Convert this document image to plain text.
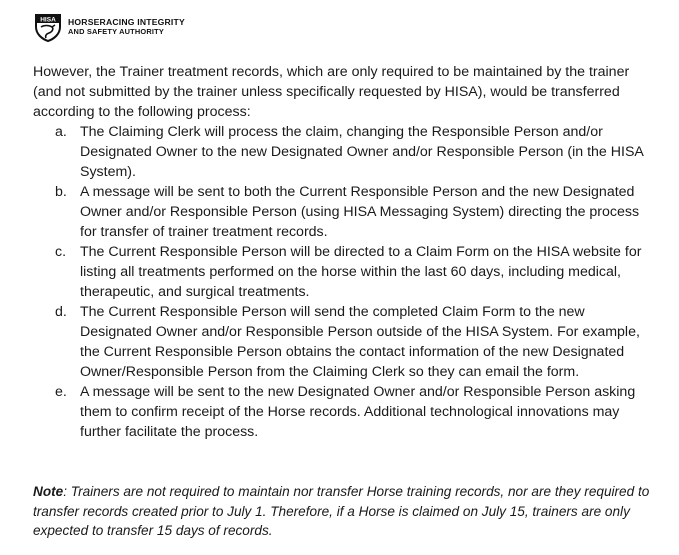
HISA HORSERACING INTEGRITY
AND SAFETY AUTHORITY

However, the Trainer treatment records, which are only required to be maintained by the trainer (and not submitted by the trainer unless specifically requested by HISA), would be transferred according to the following process:

a. The Claiming Clerk will process the claim, changing the Responsible Person and/or Designated Owner to the new Designated Owner and/or Responsible Person (in the HISA System).
b. A message will be sent to both the Current Responsible Person and the new Designated Owner and/or Responsible Person (using HISA Messaging System) directing the process for transfer of trainer treatment records.
c. The Current Responsible Person will be directed to a Claim Form on the HISA website for listing all treatments performed on the horse within the last 60 days, including medical, therapeutic, and surgical treatments.
d. The Current Responsible Person will send the completed Claim Form to the new Designated Owner and/or Responsible Person outside of the HISA System. For example, the Current Responsible Person obtains the contact information of the new Designated Owner/Responsible Person from the Claiming Clerk so they can email the form.
e. A message will be sent to the new Designated Owner and/or Responsible Person asking them to confirm receipt of the Horse records. Additional technological innovations may further facilitate the process.
Note: Trainers are not required to maintain nor transfer Horse training records, nor are they required to transfer records created prior to July 1. Therefore, if a Horse is claimed on July 15, trainers are only expected to transfer 15 days of records.
